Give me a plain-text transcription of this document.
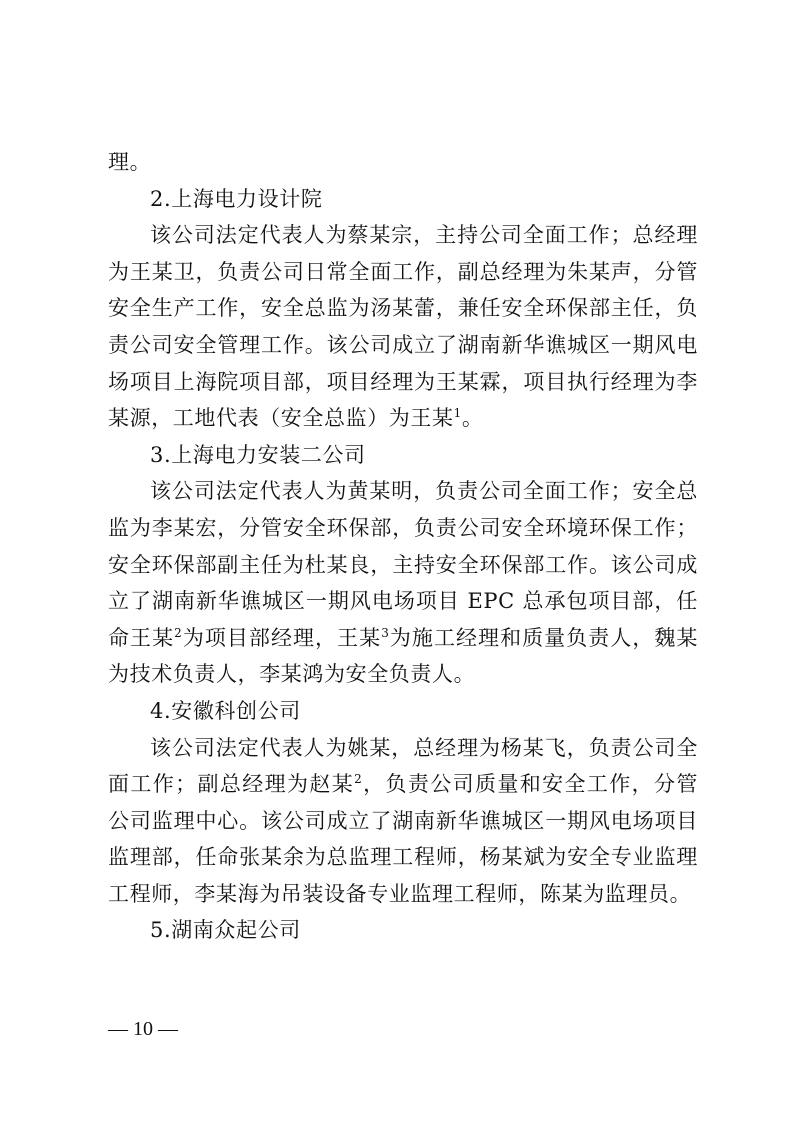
理。

2.上海电力设计院

该公司法定代表人为蔡某宗，主持公司全面工作；总经理为王某卫，负责公司日常全面工作，副总经理为朱某声，分管安全生产工作，安全总监为汤某蕾，兼任安全环保部主任，负责公司安全管理工作。该公司成立了湖南新华谯城区一期风电场项目上海院项目部，项目经理为王某霖，项目执行经理为李某源，工地代表（安全总监）为王某$^1$。

3.上海电力安装二公司

该公司法定代表人为黄某明，负责公司全面工作；安全总监为李某宏，分管安全环保部，负责公司安全环境环保工作；安全环保部副主任为杜某良，主持安全环保部工作。该公司成立了湖南新华谯城区一期风电场项目 EPC 总承包项目部，任命王某$^2$为项目部经理，王某$^3$为施工经理和质量负责人，魏某为技术负责人，李某鸿为安全负责人。

4.安徽科创公司

该公司法定代表人为姚某，总经理为杨某飞，负责公司全面工作；副总经理为赵某$^2$，负责公司质量和安全工作，分管公司监理中心。该公司成立了湖南新华谯城区一期风电场项目监理部，任命张某余为总监理工程师，杨某斌为安全专业监理工程师，李某海为吊装设备专业监理工程师，陈某为监理员。

5.湖南众起公司

— 10 —
